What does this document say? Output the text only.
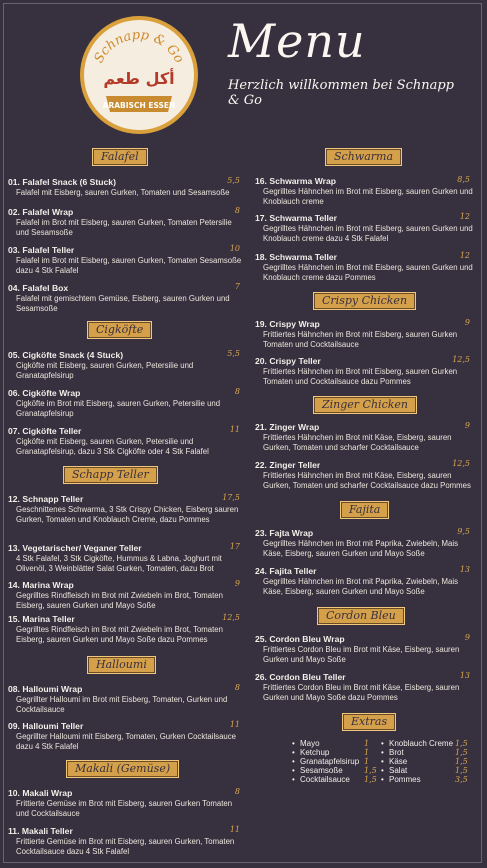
Schnapp & Go
أكل طعم
ARABISCH ESSEN
Menu
Herzlich willkommen bei Schnapp & Go
Falafel
01. Falafel Snack (6 Stuck)
Falafel mit Eisberg, sauren Gurken, Tomaten und Sesamsoße
5,5
02. Falafel Wrap
Falafel im Brot mit Eisberg, sauren Gurken, Tomaten Petersilie und Sesamsoße
8
03. Falafel Teller
Falafel im Brot mit Eisberg, sauren Gurken, Tomaten Sesamsoße dazu 4 Stk Falafel
10
04. Falafel Box
Falafel mit gemischtem Gemüse, Eisberg, sauren Gurken und Sesamsoße
7
Cigköfte
05. Cigköfte Snack (4 Stuck)
Cigköfte mit Eisberg, sauren Gurken, Petersilie und Granatapfelsirup
5,5
06. Cigköfte Wrap
Cigköfte im Brot mit Eisberg, sauren Gurken, Petersilie und Granatapfelsirup
8
07. Cigköfte Teller
Cigköfte mit Eisberg, sauren Gurken, Petersilie und Granatapfelsirup, dazu 3 Stk Cigköfte oder 4 Stk Falafel
11
Schapp Teller
12. Schnapp Teller
Geschnittenes Schwarma, 3 Stk Crispy Chicken, Eisberg sauren Gurken, Tomaten und Knoblauch Creme, dazu Pommes
17,5
13. Vegetarischer/ Veganer Teller
4 Stk Falafel, 3 Stk Cigköfte, Hummus & Labna, Joghurt mit Olivenöl, 3 Weinblätter Salat Gurken, Tomaten, dazu Brot
17
14. Marina Wrap
Gegrilltes Rindfleisch im Brot mit Zwiebeln im Brot, Tomaten Eisberg, sauren Gurken und Mayo Soße
9
15. Marina Teller
Gegrilltes Rindfleisch im Brot mit Zwiebeln im Brot, Tomaten Eisberg, sauren Gurken und Mayo Soße dazu Pommes
12,5
Halloumi
08. Halloumi Wrap
Gegrillter Halloumi im Brot mit Eisberg, Tomaten, Gurken und Cocktailsauce
8
09. Halloumi Teller
Gegrillter Halloumi mit Eisberg, Tomaten, Gurken Cocktailsauce dazu 4 Stk Falafel
11
Makali (Gemüse)
10. Makali Wrap
Frittierte Gemüse im Brot mit Eisberg, sauren Gurken Tomaten und Cocktailsauce
8
11. Makali Teller
Frittierte Gemüse im Brot mit Eisberg, sauren Gurken, Tomaten Cocktailsauce dazu 4 Stk Falafel
11
Schwarma
16. Schwarma Wrap
Gegrilltes Hähnchen im Brot mit Eisberg, sauren Gurken und Knoblauch creme
8,5
17. Schwarma Teller
Gegrilltes Hähnchen im Brot mit Eisberg, sauren Gurken und Knoblauch creme dazu 4 Stk Falafel
12
18. Schwarma Teller
Gegrilltes Hähnchen im Brot mit Eisberg, sauren Gurken und Knoblauch creme dazu Pommes
12
Crispy Chicken
19. Crispy Wrap
Frittiertes Hähnchen im Brot mit Eisberg, sauren Gurken Tomaten und Cocktailsauce
9
20. Crispy Teller
Frittiertes Hähnchen im Brot mit Eisberg, sauren Gurken Tomaten und Cocktailsauce dazu Pommes
12,5
Zinger Chicken
21. Zinger Wrap
Frittiertes Hähnchen im Brot mit Käse, Eisberg, sauren Gurken, Tomaten und scharfer Cocktailsauce
9
22. Zinger Teller
Frittiertes Hähnchen im Brot mit Käse, Eisberg, sauren Gurken, Tomaten und scharfer Cocktailsauce dazu Pommes
12,5
Fajita
23. Fajta Wrap
Gegrilltes Hähnchen im Brot mit Paprika, Zwiebeln, Mais Käse, Eisberg, sauren Gurken und Mayo Soße
9,5
24. Fajita Teller
Gegrilltes Hähnchen im Brot mit Paprika, Zwiebeln, Mais Käse, Eisberg, sauren Gurken und Mayo Soße
13
Cordon Bleu
25. Cordon Bleu Wrap
Frittiertes Cordon Bleu im Brot mit Käse, Eisberg, sauren Gurken und Mayo Soße
9
26. Cordon Bleu Teller
Frittiertes Cordon Bleu im Brot mit Käse, Eisberg, sauren Gurken und Mayo Soße dazu Pommes
13
Extras
• Mayo	1
• Ketchup	1
• Granatapfelsirup 1
• Sesamsoße	1,5
• Cocktailsauce 1,5
• Knoblauch Creme 1,5
• Brot	1,5
• Käse	1,5
• Salat	1,5
• Pommes	3,5
